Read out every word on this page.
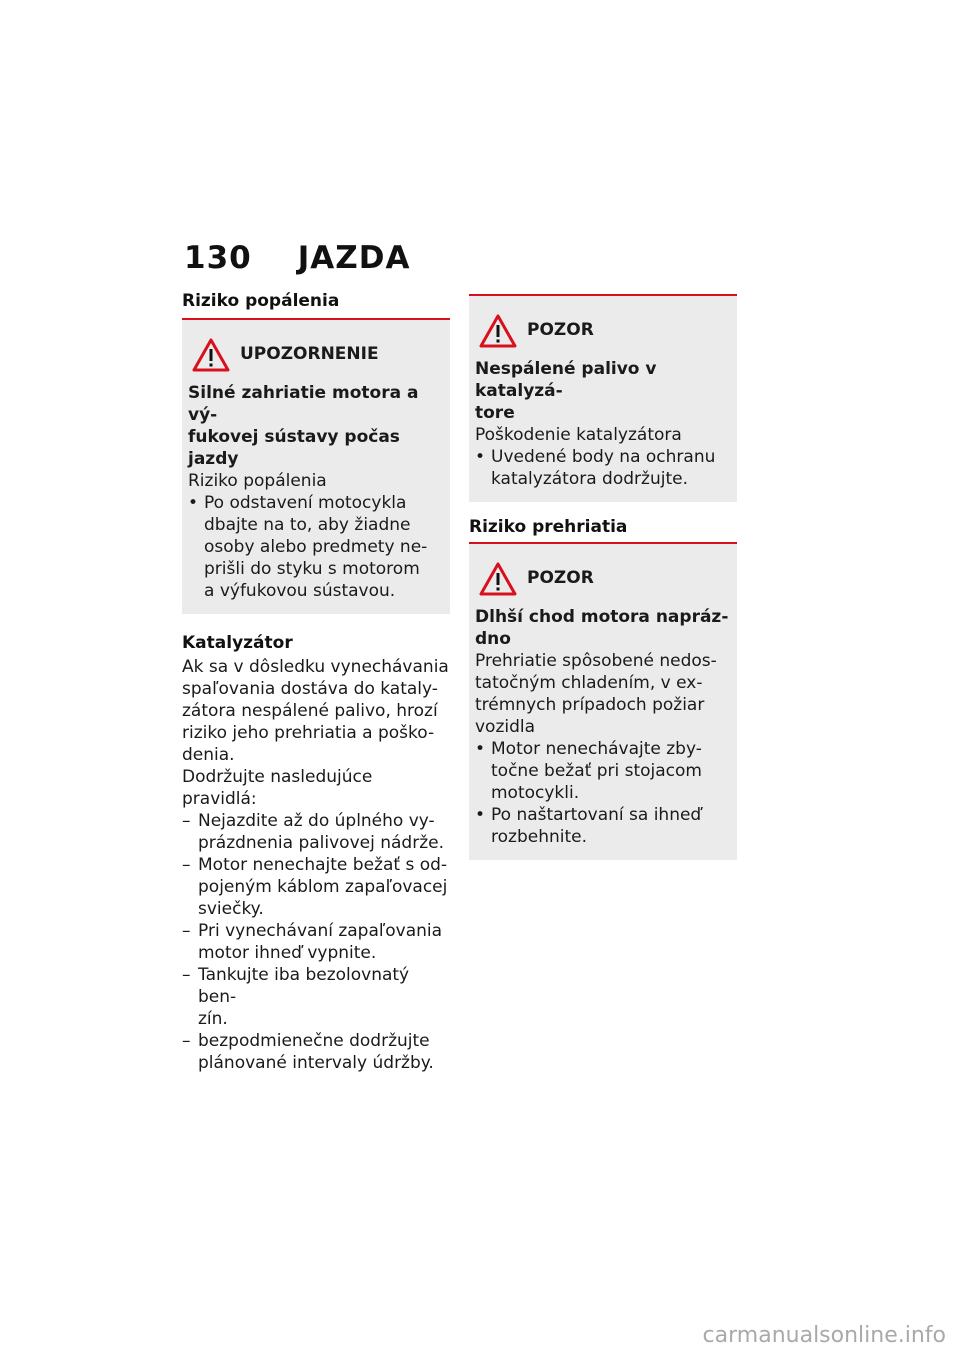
130 JAZDA
Riziko popálenia
UPOZORNENIE
Silné zahriatie motora a vý-
fukovej sústavy počas jazdy

Riziko popálenia

• Po odstavení motocykla
dbajte na to, aby žiadne
osoby alebo predmety ne-
prišli do styku s motorom
a výfukovou sústavou.
Katalyzátor

Ak sa v dôsledku vynechávania

spaľovania dostáva do kataly-

zátora nespálené palivo, hrozí

riziko jeho prehriatia a poško-

denia.

Dodržujte nasledujúce pravidlá:

– Nejazdite až do úplného vy-
prázdnenia palivovej nádrže.
– Motor nenechajte bežať s od-
pojeným káblom zapaľovacej
sviečky.
– Pri vynechávaní zapaľovania
motor ihneď vypnite.
– Tankujte iba bezolovnatý ben-
zín.
– bezpodmienečne dodržujte
plánované intervaly údržby.
POZOR
Nespálené palivo v katalyzá-
tore

Poškodenie katalyzátora

• Uvedené body na ochranu
katalyzátora dodržujte.
Riziko prehriatia
POZOR
Dlhší chod motora napráz-
dno

Prehriatie spôsobené nedos-

tatočným chladením, v ex-

trémnych prípadoch požiar

vozidla

• Motor nenechávajte zby-
točne bežať pri stojacom
motocykli.
• Po naštartovaní sa ihneď
rozbehnite.
carmanualsonline.info
